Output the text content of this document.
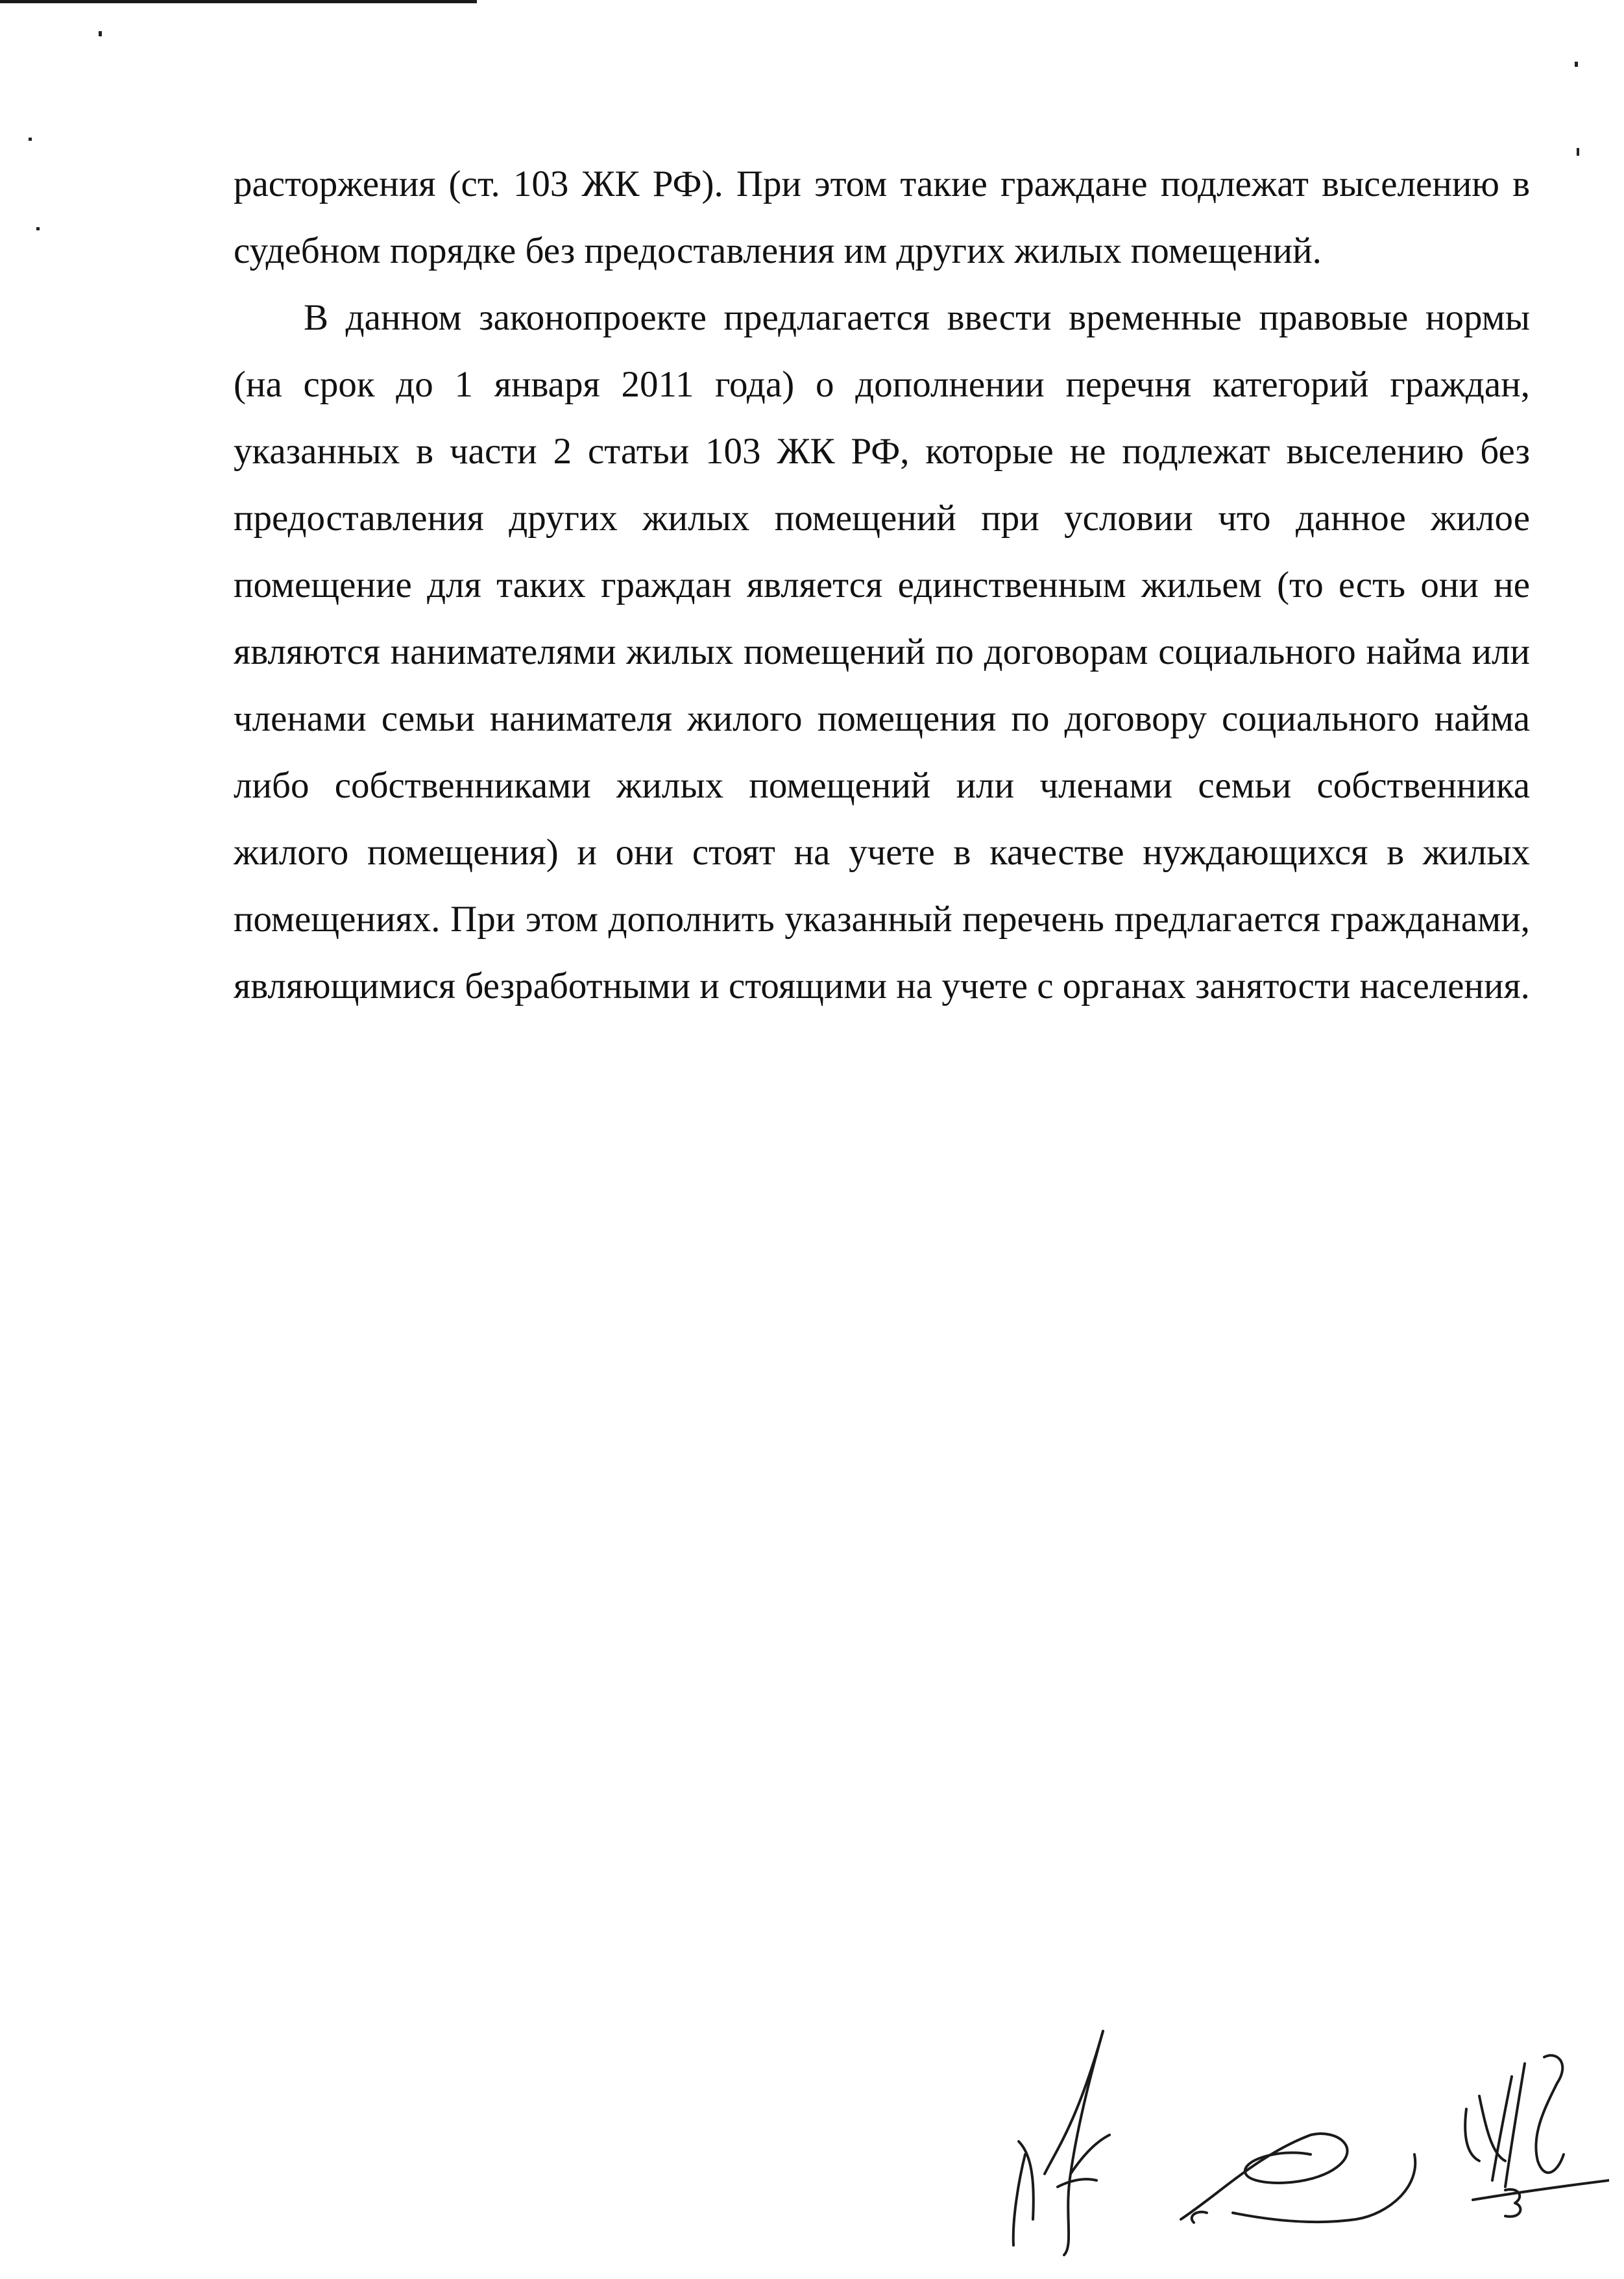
расторжения (ст. 103 ЖК РФ). При этом такие граждане подлежат выселению в судебном порядке без предоставления им других жилых помещений.

В данном законопроекте предлагается ввести временные правовые нормы (на срок до 1 января 2011 года) о дополнении перечня категорий граждан, указанных в части 2 статьи 103 ЖК РФ, которые не подлежат выселению без предоставления других жилых помещений при условии что данное жилое помещение для таких граждан является единственным жильем (то есть они не являются нанимателями жилых помещений по договорам социального найма или членами семьи нанимателя жилого помещения по договору социального найма либо собственниками жилых помещений или членами семьи собственника жилого помещения) и они стоят на учете в качестве нуждающихся в жилых помещениях. При этом дополнить указанный перечень предлагается гражданами, являющимися безработными и стоящими на учете с органах занятости населения.
